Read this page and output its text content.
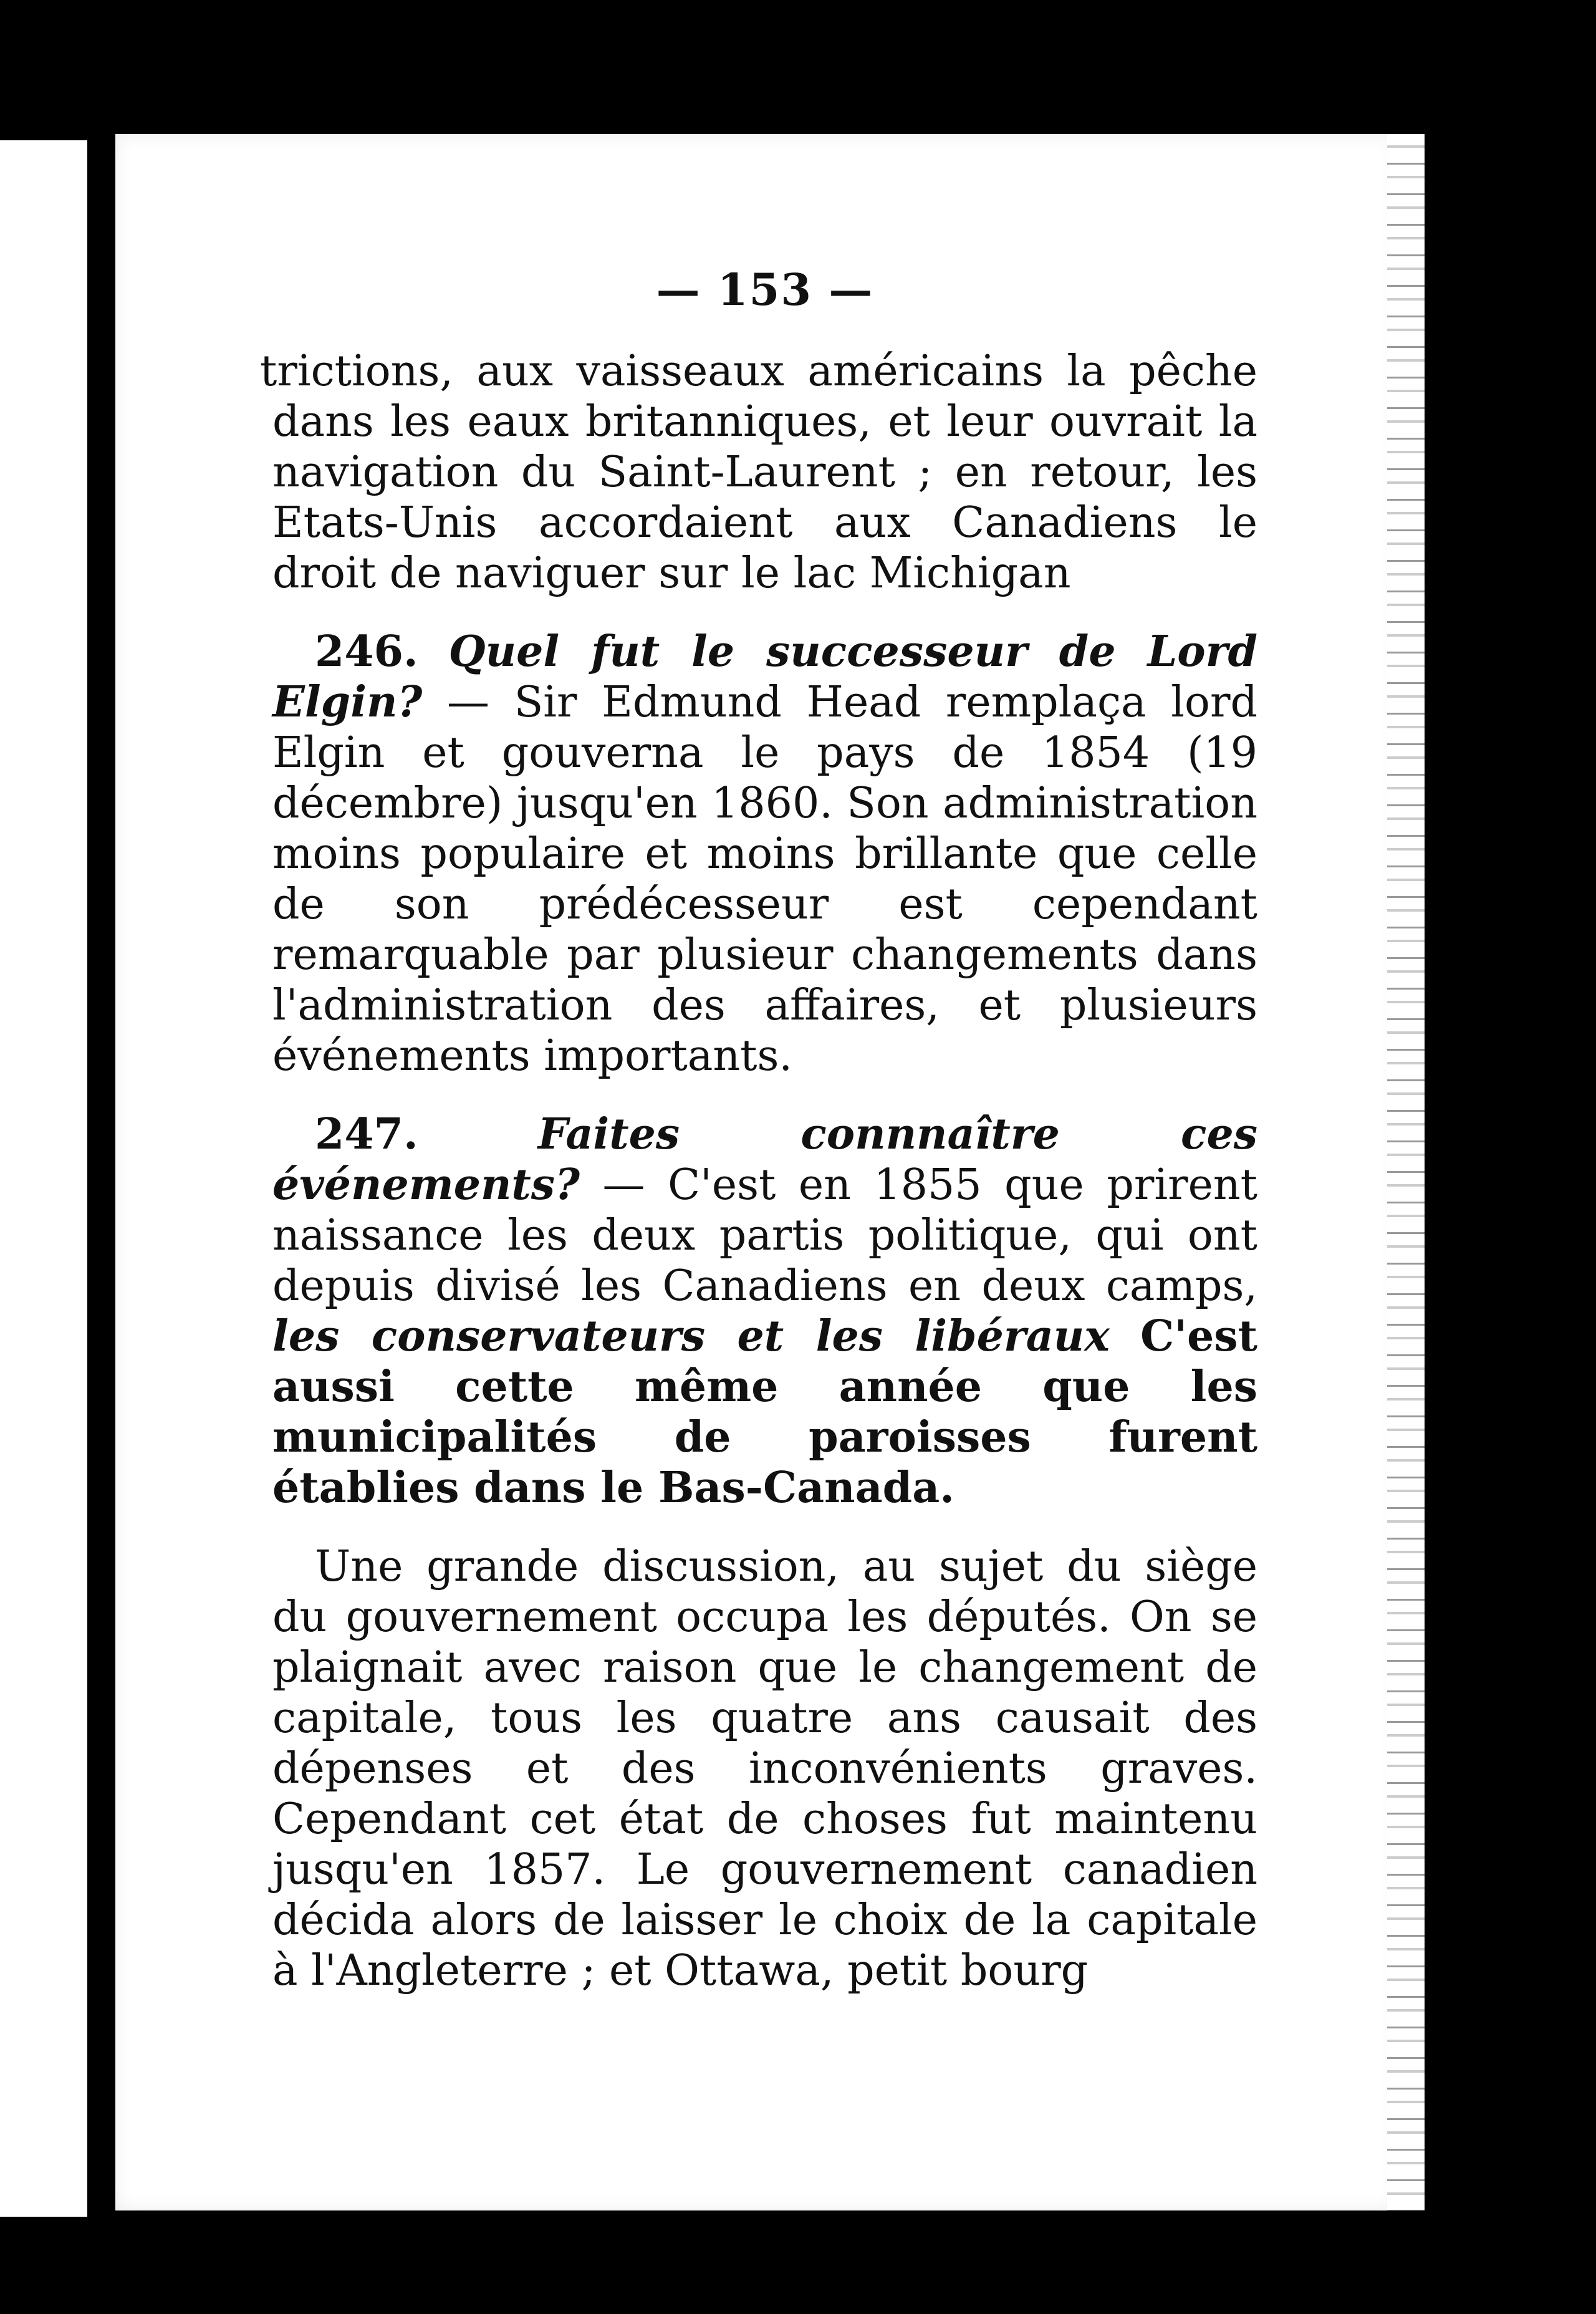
— 153 —

trictions, aux vaisseaux américains la pêche dans les eaux britanniques, et leur ouvrait la navigation du Saint-Laurent ; en retour, les Etats-Unis accordaient aux Canadiens le droit de naviguer sur le lac Michigan

246. Quel fut le successeur de Lord Elgin? — Sir Edmund Head remplaça lord Elgin et gouverna le pays de 1854 (19 décembre) jusqu'en 1860. Son administration moins populaire et moins brillante que celle de son prédécesseur est cependant remarquable par plusieur changements dans l'administration des affaires, et plusieurs événements importants.

247.	Faites connnaître ces événements? — C'est en 1855 que prirent naissance les deux partis politique, qui ont depuis divisé les Canadiens en deux camps, les conservateurs et les libéraux C'est aussi cette même année que les municipalités de paroisses furent établies dans le Bas-Canada.

Une grande discussion, au sujet du siège du gouvernement occupa les députés. On se plaignait avec raison que le changement de capitale, tous les quatre ans causait des dépenses et des inconvénients graves. Cependant cet état de choses fut maintenu jusqu'en 1857. Le gouvernement canadien décida alors de laisser le choix de la capitale à l'Angleterre ; et Ottawa, petit bourg
